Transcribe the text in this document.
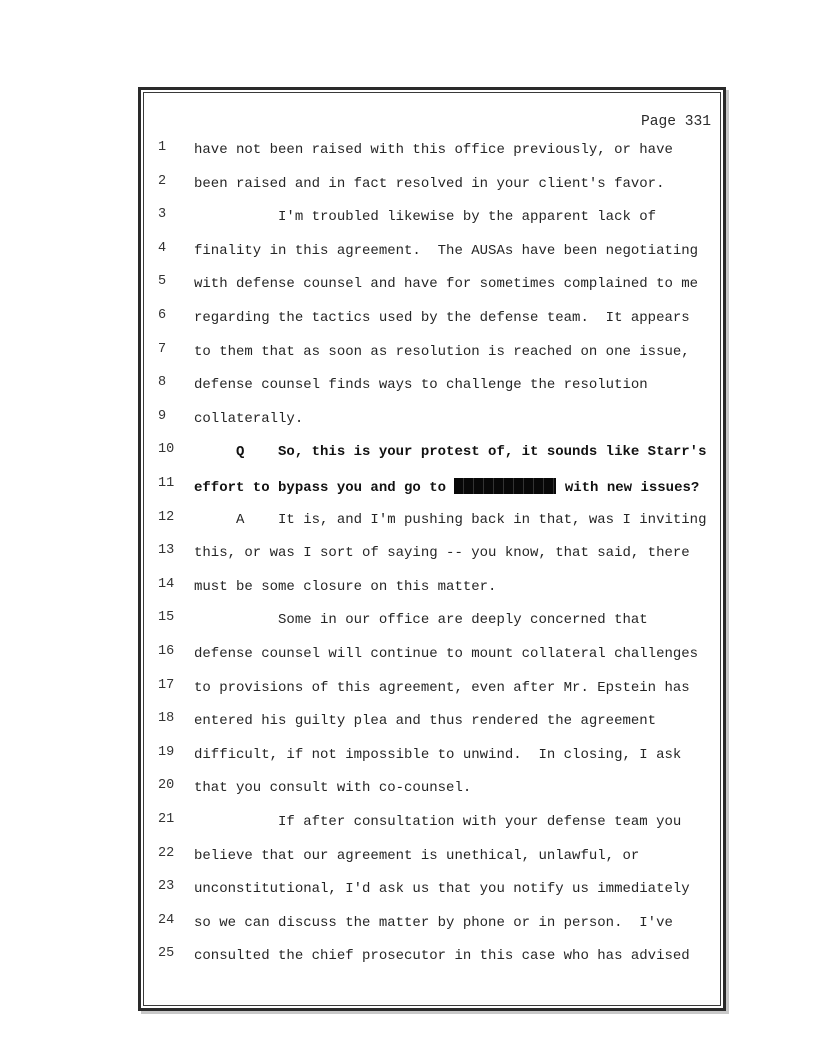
Page 331
1 have not been raised with this office previously, or have
2 been raised and in fact resolved in your client's favor.
3 I'm troubled likewise by the apparent lack of
4 finality in this agreement.  The AUSAs have been negotiating
5 with defense counsel and have for sometimes complained to me
6 regarding the tactics used by the defense team.  It appears
7 to them that as soon as resolution is reached on one issue,
8 defense counsel finds ways to challenge the resolution
9 collaterally.
10 Q    So, this is your protest of, it sounds like Starr's
11 effort to bypass you and go to	with new issues?
12 A    It is, and I'm pushing back in that, was I inviting
13 this, or was I sort of saying -- you know, that said, there
14 must be some closure on this matter.
15 Some in our office are deeply concerned that
16 defense counsel will continue to mount collateral challenges
17 to provisions of this agreement, even after Mr. Epstein has
18 entered his guilty plea and thus rendered the agreement
19 difficult, if not impossible to unwind.  In closing, I ask
20 that you consult with co-counsel.
21 If after consultation with your defense team you
22 believe that our agreement is unethical, unlawful, or
23 unconstitutional, I'd ask us that you notify us immediately
24 so we can discuss the matter by phone or in person.  I've
25 consulted the chief prosecutor in this case who has advised
